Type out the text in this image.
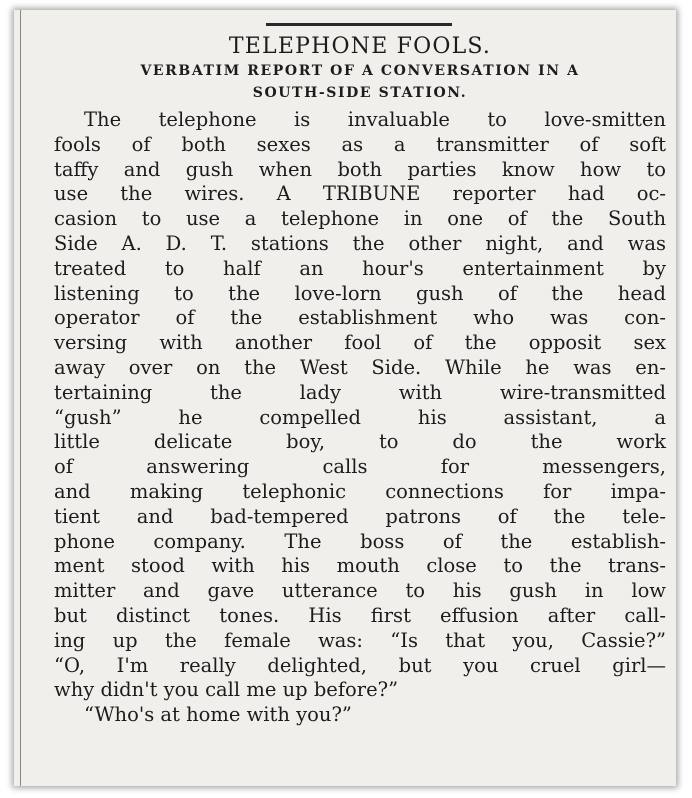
TELEPHONE FOOLS.
VERBATIM REPORT OF A CONVERSATION IN A
SOUTH-SIDE STATION.
The telephone is invaluable to love-smitten
fools of both sexes as a transmitter of soft
taffy and gush when both parties know how to
use the wires. A TRIBUNE reporter had oc-
casion to use a telephone in one of the South
Side A. D. T. stations the other night, and was
treated to half an hour's entertainment by
listening to the love-lorn gush of the head
operator of the establishment who was con-
versing with another fool of the opposit sex
away over on the West Side. While he was en-
tertaining the lady with wire-transmitted
“gush” he compelled his assistant, a
little delicate boy, to do the work
of answering calls for messengers,
and making telephonic connections for impa-
tient and bad-tempered patrons of the tele-
phone company. The boss of the establish-
ment stood with his mouth close to the trans-
mitter and gave utterance to his gush in low
but distinct tones. His first effusion after call-
ing up the female was: “Is that you, Cassie?”
“O, I'm really delighted, but you cruel girl—
why didn't you call me up before?”
“Who's at home with you?”
